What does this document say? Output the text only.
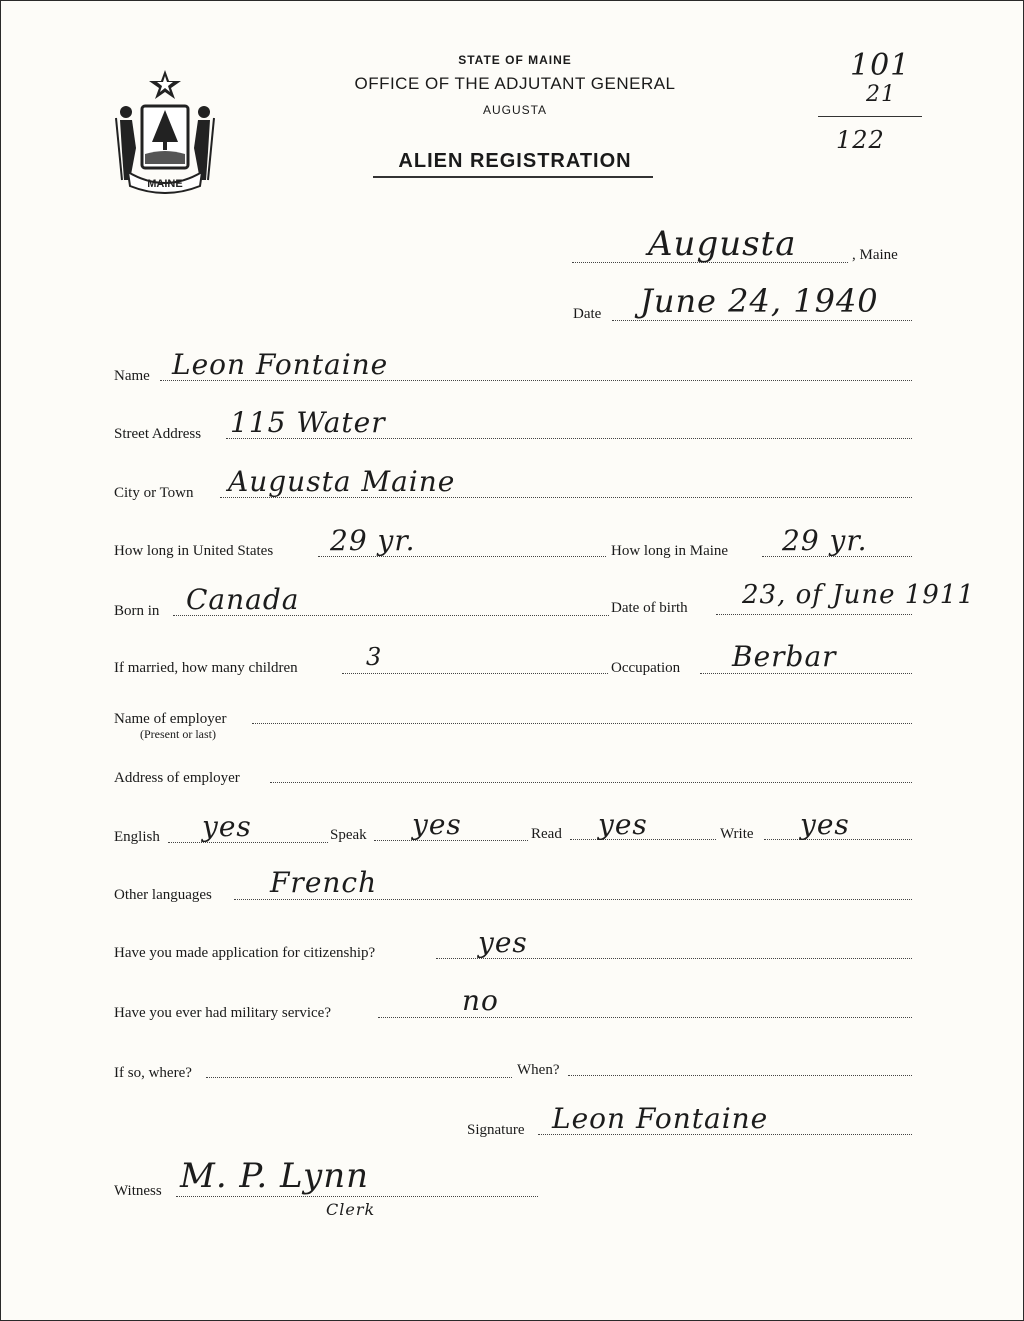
MAINE
STATE OF MAINE
OFFICE OF THE ADJUTANT GENERAL
AUGUSTA
ALIEN REGISTRATION
101
21
122
Augusta	, Maine
Date June 24, 1940
Name Leon Fontaine
Street Address 115 Water
City or Town Augusta Maine
How long in United States 29 yr.	How long in Maine 29 yr.
Born in Canada	Date of birth 23, of June 1911
If married, how many children	3	Occupation Berbar
Name of employer
(Present or last)
Address of employer
English yes	Speak yes	Read yes	Write yes
Other languages French
Have you made application for citizenship?	yes
Have you ever had military service?	no
If so, where?	When?
Signature Leon Fontaine
Witness M. P. Lynn
Clerk
